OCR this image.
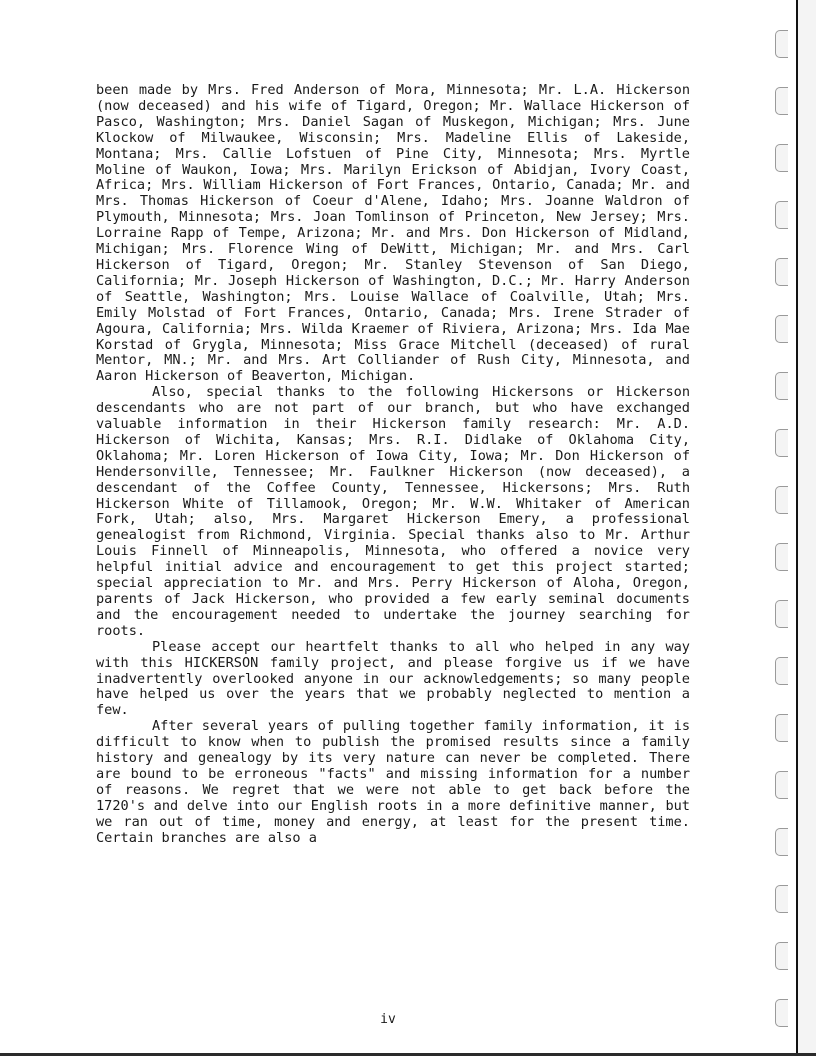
been made by Mrs. Fred Anderson of Mora, Minnesota; Mr. L.A. Hickerson (now deceased) and his wife of Tigard, Oregon; Mr. Wallace Hickerson of Pasco, Washington; Mrs. Daniel Sagan of Muskegon, Michigan; Mrs. June Klockow of Milwaukee, Wisconsin; Mrs. Madeline Ellis of Lakeside, Montana; Mrs. Callie Lofstuen of Pine City, Minnesota; Mrs. Myrtle Moline of Waukon, Iowa; Mrs. Marilyn Erickson of Abidjan, Ivory Coast, Africa; Mrs. William Hickerson of Fort Frances, Ontario, Canada; Mr. and Mrs. Thomas Hickerson of Coeur d'Alene, Idaho; Mrs. Joanne Waldron of Plymouth, Minnesota; Mrs. Joan Tomlinson of Princeton, New Jersey; Mrs. Lorraine Rapp of Tempe, Arizona; Mr. and Mrs. Don Hickerson of Midland, Michigan; Mrs. Florence Wing of DeWitt, Michigan; Mr. and Mrs. Carl Hickerson of Tigard, Oregon; Mr. Stanley Stevenson of San Diego, California; Mr. Joseph Hickerson of Washington, D.C.; Mr. Harry Anderson of Seattle, Washington; Mrs. Louise Wallace of Coalville, Utah; Mrs. Emily Molstad of Fort Frances, Ontario, Canada; Mrs. Irene Strader of Agoura, California; Mrs. Wilda Kraemer of Riviera, Arizona; Mrs. Ida Mae Korstad of Grygla, Minnesota; Miss Grace Mitchell (deceased) of rural Mentor, MN.; Mr. and Mrs. Art Colliander of Rush City, Minnesota, and Aaron Hickerson of Beaverton, Michigan.

Also, special thanks to the following Hickersons or Hickerson descendants who are not part of our branch, but who have exchanged valuable information in their Hickerson family research: Mr. A.D. Hickerson of Wichita, Kansas; Mrs. R.I. Didlake of Oklahoma City, Oklahoma; Mr. Loren Hickerson of Iowa City, Iowa; Mr. Don Hickerson of Hendersonville, Tennessee; Mr. Faulkner Hickerson (now deceased), a descendant of the Coffee County, Tennessee, Hickersons; Mrs. Ruth Hickerson White of Tillamook, Oregon; Mr. W.W. Whitaker of American Fork, Utah; also, Mrs. Margaret Hickerson Emery, a professional genealogist from Richmond, Virginia. Special thanks also to Mr. Arthur Louis Finnell of Minneapolis, Minnesota, who offered a novice very helpful initial advice and encouragement to get this project started; special appreciation to Mr. and Mrs. Perry Hickerson of Aloha, Oregon, parents of Jack Hickerson, who provided a few early seminal documents and the encouragement needed to undertake the journey searching for roots.

Please accept our heartfelt thanks to all who helped in any way with this HICKERSON family project, and please forgive us if we have inadvertently overlooked anyone in our acknowledgements; so many people have helped us over the years that we probably neglected to mention a few.

After several years of pulling together family information, it is difficult to know when to publish the promised results since a family history and genealogy by its very nature can never be completed. There are bound to be erroneous "facts" and missing information for a number of reasons. We regret that we were not able to get back before the 1720's and delve into our English roots in a more definitive manner, but we ran out of time, money and energy, at least for the present time. Certain branches are also a

iv
